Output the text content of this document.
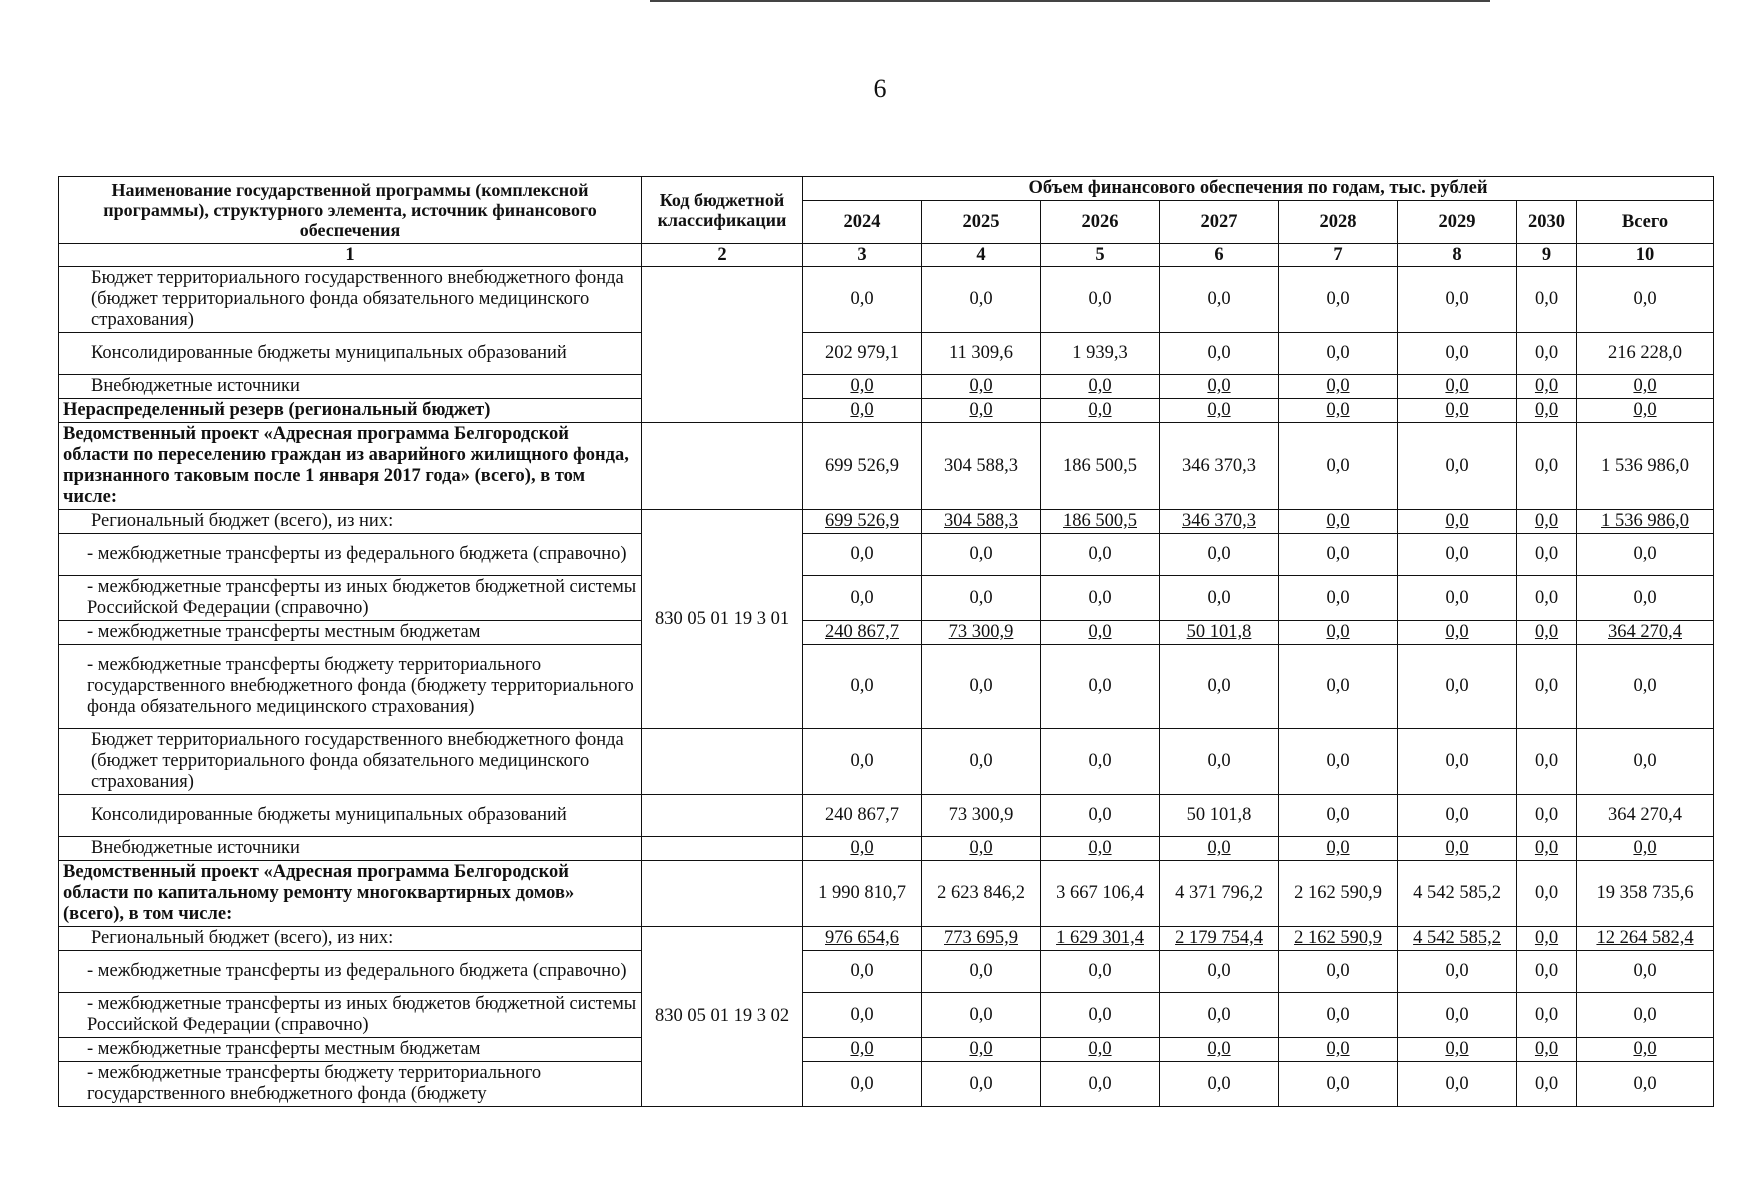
6
Наименование государственной программы (комплексной программы), структурного элемента, источник финансового обеспечения	Код бюджетной классификации	Объем финансового обеспечения по годам, тыс. рублей							
		2024	2025	2026	2027	2028	2029	2030	Всего
1	2	3	4	5	6	7	8	9	10
Бюджет территориального государственного внебюджетного фонда (бюджет территориального фонда обязательного медицинского страхования)		0,0	0,0	0,0	0,0	0,0	0,0	0,0	0,0
Консолидированные бюджеты муниципальных образований		202 979,1	11 309,6	1 939,3	0,0	0,0	0,0	0,0	216 228,0
Внебюджетные источники		0,0	0,0	0,0	0,0	0,0	0,0	0,0	0,0
Нераспределенный резерв (региональный бюджет)		0,0	0,0	0,0	0,0	0,0	0,0	0,0	0,0
Ведомственный проект «Адресная программа Белгородской области по переселению граждан из аварийного жилищного фонда, признанного таковым после 1 января 2017 года» (всего), в том числе:		699 526,9	304 588,3	186 500,5	346 370,3	0,0	0,0	0,0	1 536 986,0
Региональный бюджет (всего), из них:	830 05 01 19 3 01	699 526,9	304 588,3	186 500,5	346 370,3	0,0	0,0	0,0	1 536 986,0
- межбюджетные трансферты из федерального бюджета (справочно)		0,0	0,0	0,0	0,0	0,0	0,0	0,0	0,0
- межбюджетные трансферты из иных бюджетов бюджетной системы Российской Федерации (справочно)		0,0	0,0	0,0	0,0	0,0	0,0	0,0	0,0
- межбюджетные трансферты местным бюджетам		240 867,7	73 300,9	0,0	50 101,8	0,0	0,0	0,0	364 270,4
- межбюджетные трансферты бюджету территориального государственного внебюджетного фонда (бюджету территориального фонда обязательного медицинского страхования)		0,0	0,0	0,0	0,0	0,0	0,0	0,0	0,0
Бюджет территориального государственного внебюджетного фонда (бюджет территориального фонда обязательного медицинского страхования)		0,0	0,0	0,0	0,0	0,0	0,0	0,0	0,0
Консолидированные бюджеты муниципальных образований		240 867,7	73 300,9	0,0	50 101,8	0,0	0,0	0,0	364 270,4
Внебюджетные источники		0,0	0,0	0,0	0,0	0,0	0,0	0,0	0,0
Ведомственный проект «Адресная программа Белгородской области по капитальному ремонту многоквартирных домов» (всего), в том числе:		1 990 810,7	2 623 846,2	3 667 106,4	4 371 796,2	2 162 590,9	4 542 585,2	0,0	19 358 735,6
Региональный бюджет (всего), из них:	830 05 01 19 3 02	976 654,6	773 695,9	1 629 301,4	2 179 754,4	2 162 590,9	4 542 585,2	0,0	12 264 582,4
- межбюджетные трансферты из федерального бюджета (справочно)		0,0	0,0	0,0	0,0	0,0	0,0	0,0	0,0
- межбюджетные трансферты из иных бюджетов бюджетной системы Российской Федерации (справочно)		0,0	0,0	0,0	0,0	0,0	0,0	0,0	0,0
- межбюджетные трансферты местным бюджетам		0,0	0,0	0,0	0,0	0,0	0,0	0,0	0,0
- межбюджетные трансферты бюджету территориального государственного внебюджетного фонда (бюджету		0,0	0,0	0,0	0,0	0,0	0,0	0,0	0,0
